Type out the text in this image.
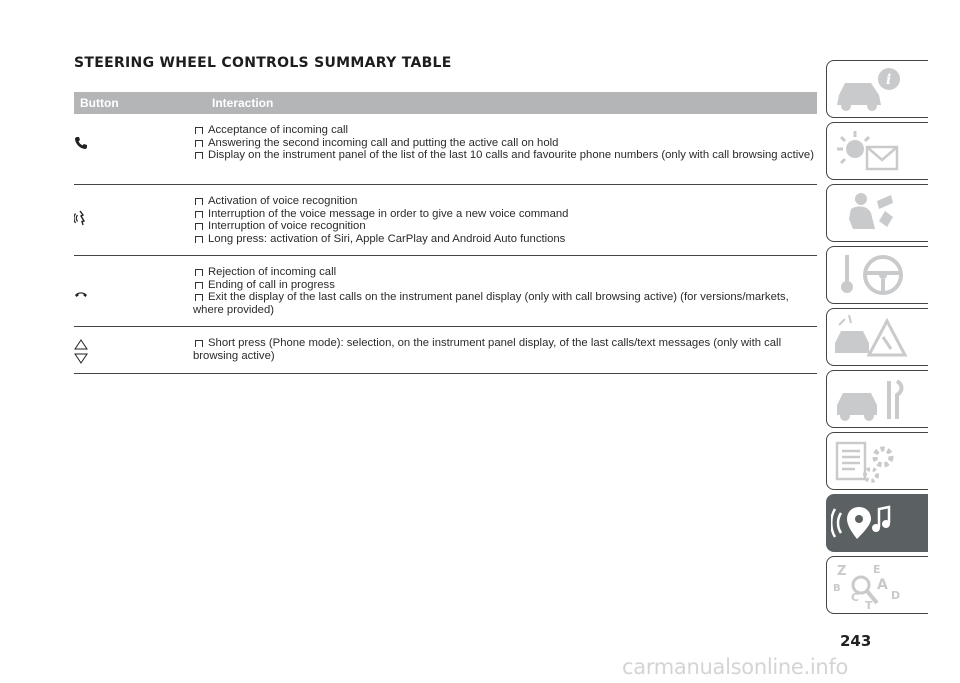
STEERING WHEEL CONTROLS SUMMARY TABLE
Button	Interaction

Acceptance of incoming call

Answering the second incoming call and putting the active call on hold

Display on the instrument panel of the list of the last 10 calls and favourite phone numbers (only with call browsing active)

Activation of voice recognition

Interruption of the voice message in order to give a new voice command

Interruption of voice recognition

Long press: activation of Siri, Apple CarPlay and Android Auto functions

Rejection of incoming call

Ending of call in progress

Exit the display of the last calls on the instrument panel display (only with call browsing active) (for versions/markets, where provided)

Short press (Phone mode): selection, on the instrument panel display, of the last calls/text messages (only with call browsing active)

i
Z E
A
B
C	D
T

243

carmanualsonline.info
